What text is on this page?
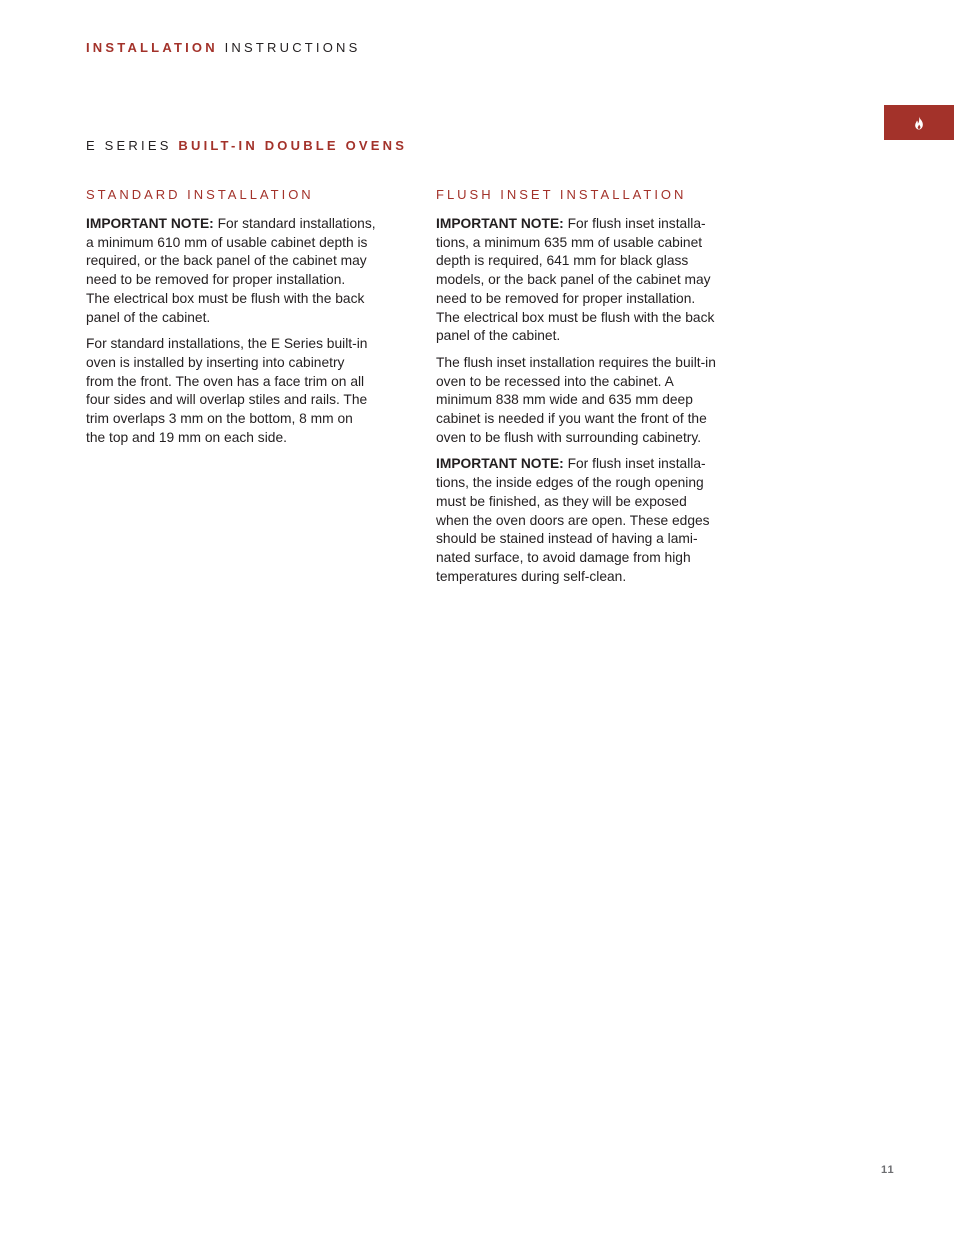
INSTALLATION INSTRUCTIONS
E SERIES BUILT-IN DOUBLE OVENS
STANDARD INSTALLATION

IMPORTANT NOTE: For standard installations,
a minimum 610 mm of usable cabinet depth is
required, or the back panel of the cabinet may
need to be removed for proper installation.
The electrical box must be flush with the back
panel of the cabinet.

For standard installations, the E Series built-in
oven is installed by inserting into cabinetry
from the front. The oven has a face trim on all
four sides and will overlap stiles and rails. The
trim overlaps 3 mm on the bottom, 8 mm on
the top and 19 mm on each side.

FLUSH INSET INSTALLATION

IMPORTANT NOTE: For flush inset installa-
tions, a minimum 635 mm of usable cabinet
depth is required, 641 mm for black glass
models, or the back panel of the cabinet may
need to be removed for proper installation.
The electrical box must be flush with the back
panel of the cabinet.

The flush inset installation requires the built-in
oven to be recessed into the cabinet. A
minimum 838 mm wide and 635 mm deep
cabinet is needed if you want the front of the
oven to be flush with surrounding cabinetry.

IMPORTANT NOTE: For flush inset installa-
tions, the inside edges of the rough opening
must be finished, as they will be exposed
when the oven doors are open. These edges
should be stained instead of having a lami-
nated surface, to avoid damage from high
temperatures during self-clean.

11
